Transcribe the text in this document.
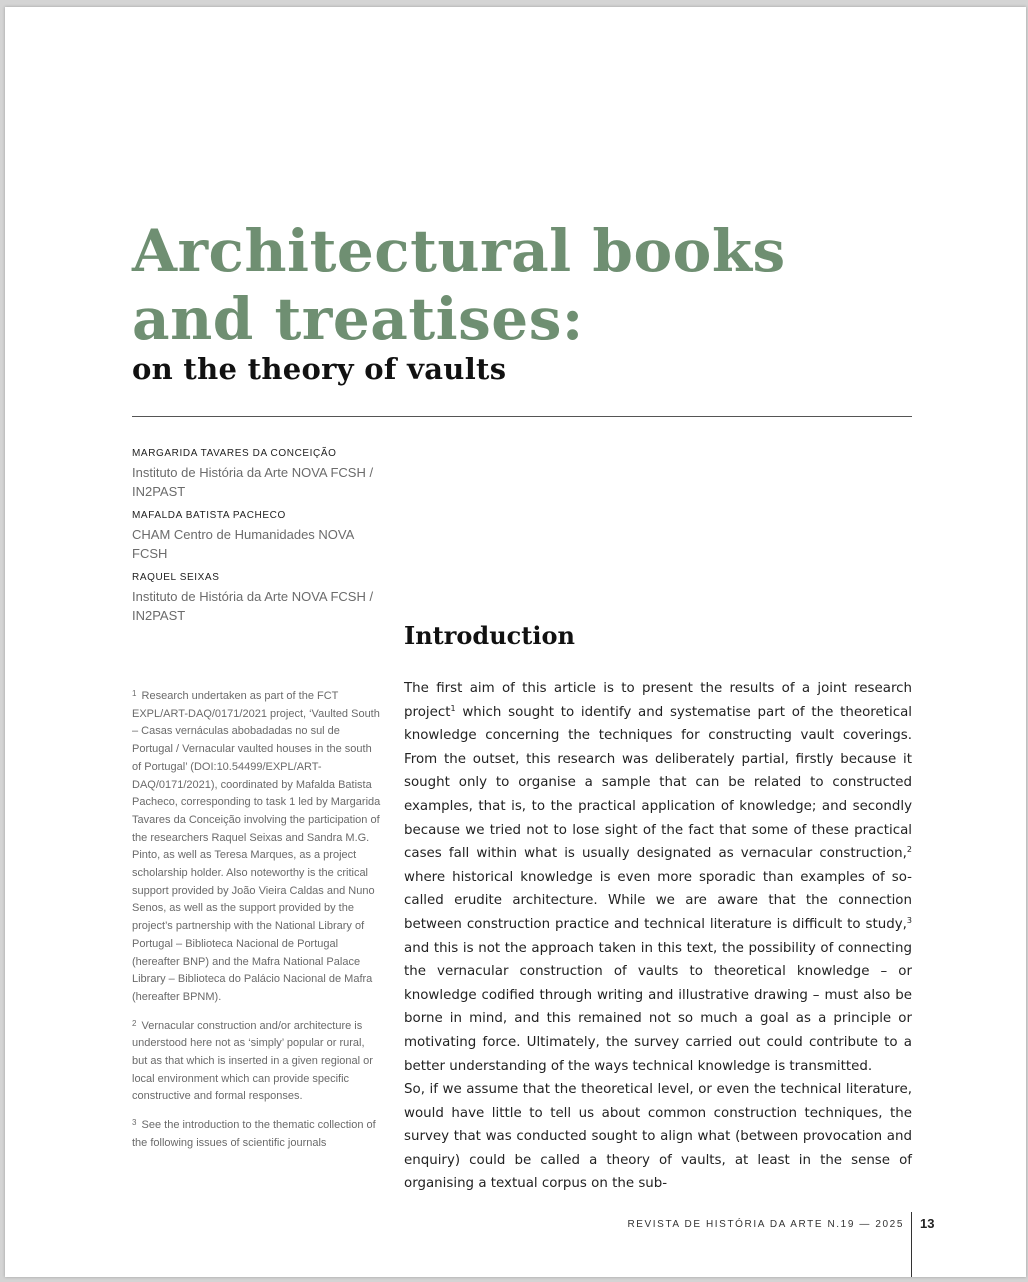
Architectural books
and treatises:
on the theory of vaults
MARGARIDA TAVARES DA CONCEIÇÃO
Instituto de História da Arte NOVA FCSH / IN2PAST
MAFALDA BATISTA PACHECO
CHAM Centro de Humanidades NOVA FCSH
RAQUEL SEIXAS
Instituto de História da Arte NOVA FCSH / IN2PAST
Introduction

$^1$ Research undertaken as part of the FCT EXPL/ART-DAQ/0171/2021 project, ‘Vaulted South – Casas vernáculas abobadadas no sul de Portugal / Vernacular vaulted houses in the south of Portugal’ (DOI:10.54499/EXPL/ART-DAQ/0171/2021), coordinated by Mafalda Batista Pacheco, corresponding to task 1 led by Margarida Tavares da Conceição involving the participation of the researchers Raquel Seixas and Sandra M.G. Pinto, as well as Teresa Marques, as a project scholarship holder. Also noteworthy is the critical support provided by João Vieira Caldas and Nuno Senos, as well as the support provided by the project’s partnership with the National Library of Portugal – Biblioteca Nacional de Portugal (hereafter BNP) and the Mafra National Palace Library – Biblioteca do Palácio Nacional de Mafra (hereafter BPNM).

$^2$ Vernacular construction and/or architecture is understood here not as ‘simply’ popular or rural, but as that which is inserted in a given regional or local environment which can provide specific constructive and formal responses.

$^3$ See the introduction to the thematic collection of the following issues of scientific journals

The first aim of this article is to present the results of a joint research project$^1$ which sought to identify and systematise part of the theoretical knowledge concerning the techniques for constructing vault coverings. From the outset, this research was deliberately partial, firstly because it sought only to organise a sample that can be related to constructed examples, that is, to the practical application of knowledge; and secondly because we tried not to lose sight of the fact that some of these practical cases fall within what is usually designated as vernacular construction,$^2$ where historical knowledge is even more sporadic than examples of so-called erudite architecture. While we are aware that the connection between construction practice and technical literature is difficult to study,$^3$ and this is not the approach taken in this text, the possibility of connecting the vernacular construction of vaults to theoretical knowledge – or knowledge codified through writing and illustrative drawing – must also be borne in mind, and this remained not so much a goal as a principle or motivating force. Ultimately, the survey carried out could contribute to a better understanding of the ways technical knowledge is transmitted.

So, if we assume that the theoretical level, or even the technical literature, would have little to tell us about common construction techniques, the survey that was conducted sought to align what (between provocation and enquiry) could be called a theory of vaults, at least in the sense of organising a textual corpus on the sub-

REVISTA DE HISTÓRIA DA ARTE N.19 — 2025 13
